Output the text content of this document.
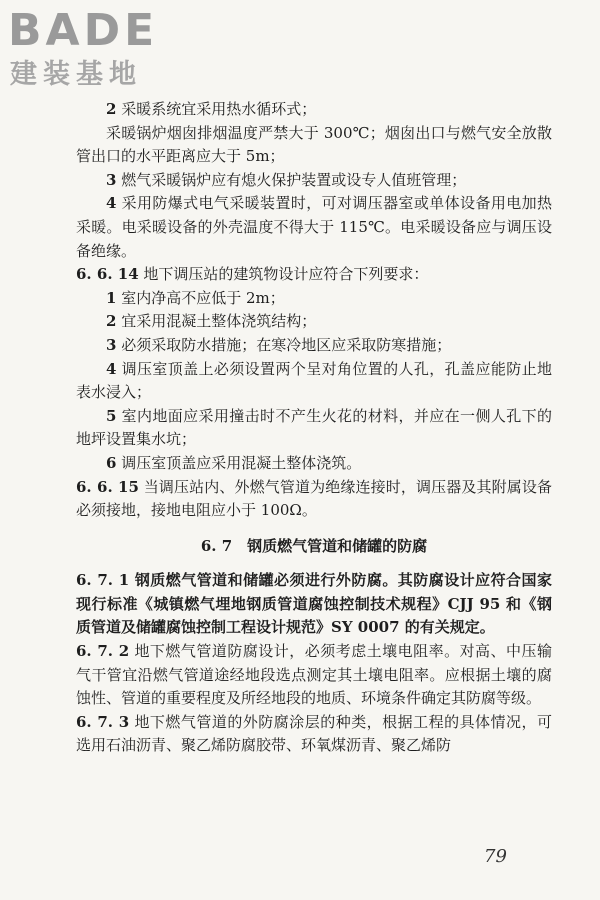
BADE
建装基地

2 采暖系统宜采用热水循环式；

采暖锅炉烟囱排烟温度严禁大于 300℃；烟囱出口与燃气安全放散管出口的水平距离应大于 5m；

3 燃气采暖锅炉应有熄火保护装置或设专人值班管理；

4 采用防爆式电气采暖装置时，可对调压器室或单体设备用电加热采暖。电采暖设备的外壳温度不得大于 115℃。电采暖设备应与调压设备绝缘。

6. 6. 14 地下调压站的建筑物设计应符合下列要求：

1 室内净高不应低于 2m；

2 宜采用混凝土整体浇筑结构；

3 必须采取防水措施；在寒冷地区应采取防寒措施；

4 调压室顶盖上必须设置两个呈对角位置的人孔，孔盖应能防止地表水浸入；

5 室内地面应采用撞击时不产生火花的材料，并应在一侧人孔下的地坪设置集水坑；

6 调压室顶盖应采用混凝土整体浇筑。

6. 6. 15 当调压站内、外燃气管道为绝缘连接时，调压器及其附属设备必须接地，接地电阻应小于 100Ω。

6. 7　钢质燃气管道和储罐的防腐

6. 7. 1 钢质燃气管道和储罐必须进行外防腐。其防腐设计应符合国家现行标准《城镇燃气埋地钢质管道腐蚀控制技术规程》CJJ 95 和《钢质管道及储罐腐蚀控制工程设计规范》SY 0007 的有关规定。

6. 7. 2 地下燃气管道防腐设计，必须考虑土壤电阻率。对高、中压输气干管宜沿燃气管道途经地段选点测定其土壤电阻率。应根据土壤的腐蚀性、管道的重要程度及所经地段的地质、环境条件确定其防腐等级。

6. 7. 3 地下燃气管道的外防腐涂层的种类，根据工程的具体情况，可选用石油沥青、聚乙烯防腐胶带、环氧煤沥青、聚乙烯防

79
